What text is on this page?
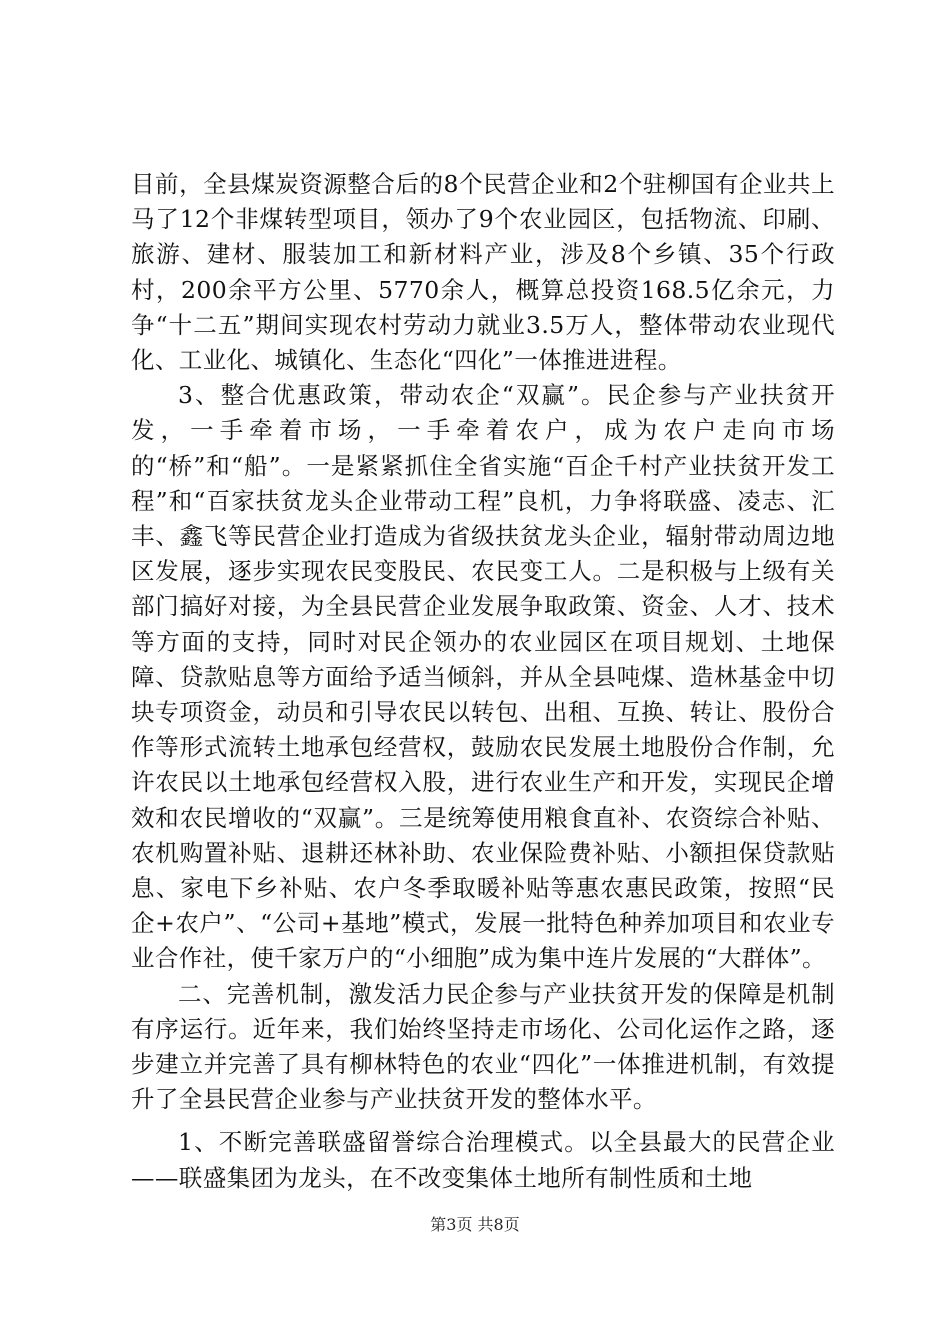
目前，全县煤炭资源整合后的8个民营企业和2个驻柳国有企业共上马了12个非煤转型项目，领办了9个农业园区，包括物流、印刷、旅游、建材、服装加工和新材料产业，涉及8个乡镇、35个行政村，200余平方公里、5770余人，概算总投资168.5亿余元，力争“十二五”期间实现农村劳动力就业3.5万人，整体带动农业现代化、工业化、城镇化、生态化“四化”一体推进进程。

3、整合优惠政策，带动农企“双赢”。民企参与产业扶贫开发，一手牵着市场，一手牵着农户，成为农户走向市场的“桥”和“船”。一是紧紧抓住全省实施“百企千村产业扶贫开发工程”和“百家扶贫龙头企业带动工程”良机，力争将联盛、凌志、汇丰、鑫飞等民营企业打造成为省级扶贫龙头企业，辐射带动周边地区发展，逐步实现农民变股民、农民变工人。二是积极与上级有关部门搞好对接，为全县民营企业发展争取政策、资金、人才、技术等方面的支持，同时对民企领办的农业园区在项目规划、土地保障、贷款贴息等方面给予适当倾斜，并从全县吨煤、造林基金中切块专项资金，动员和引导农民以转包、出租、互换、转让、股份合作等形式流转土地承包经营权，鼓励农民发展土地股份合作制，允许农民以土地承包经营权入股，进行农业生产和开发，实现民企增效和农民增收的“双赢”。三是统筹使用粮食直补、农资综合补贴、农机购置补贴、退耕还林补助、农业保险费补贴、小额担保贷款贴息、家电下乡补贴、农户冬季取暖补贴等惠农惠民政策，按照“民企+农户”、“公司+基地”模式，发展一批特色种养加项目和农业专业合作社，使千家万户的“小细胞”成为集中连片发展的“大群体”。

二、完善机制，激发活力民企参与产业扶贫开发的保障是机制有序运行。近年来，我们始终坚持走市场化、公司化运作之路，逐步建立并完善了具有柳林特色的农业“四化”一体推进机制，有效提升了全县民营企业参与产业扶贫开发的整体水平。

1、不断完善联盛留誉综合治理模式。以全县最大的民营企业——联盛集团为龙头，在不改变集体土地所有制性质和土地

第3页 共8页
